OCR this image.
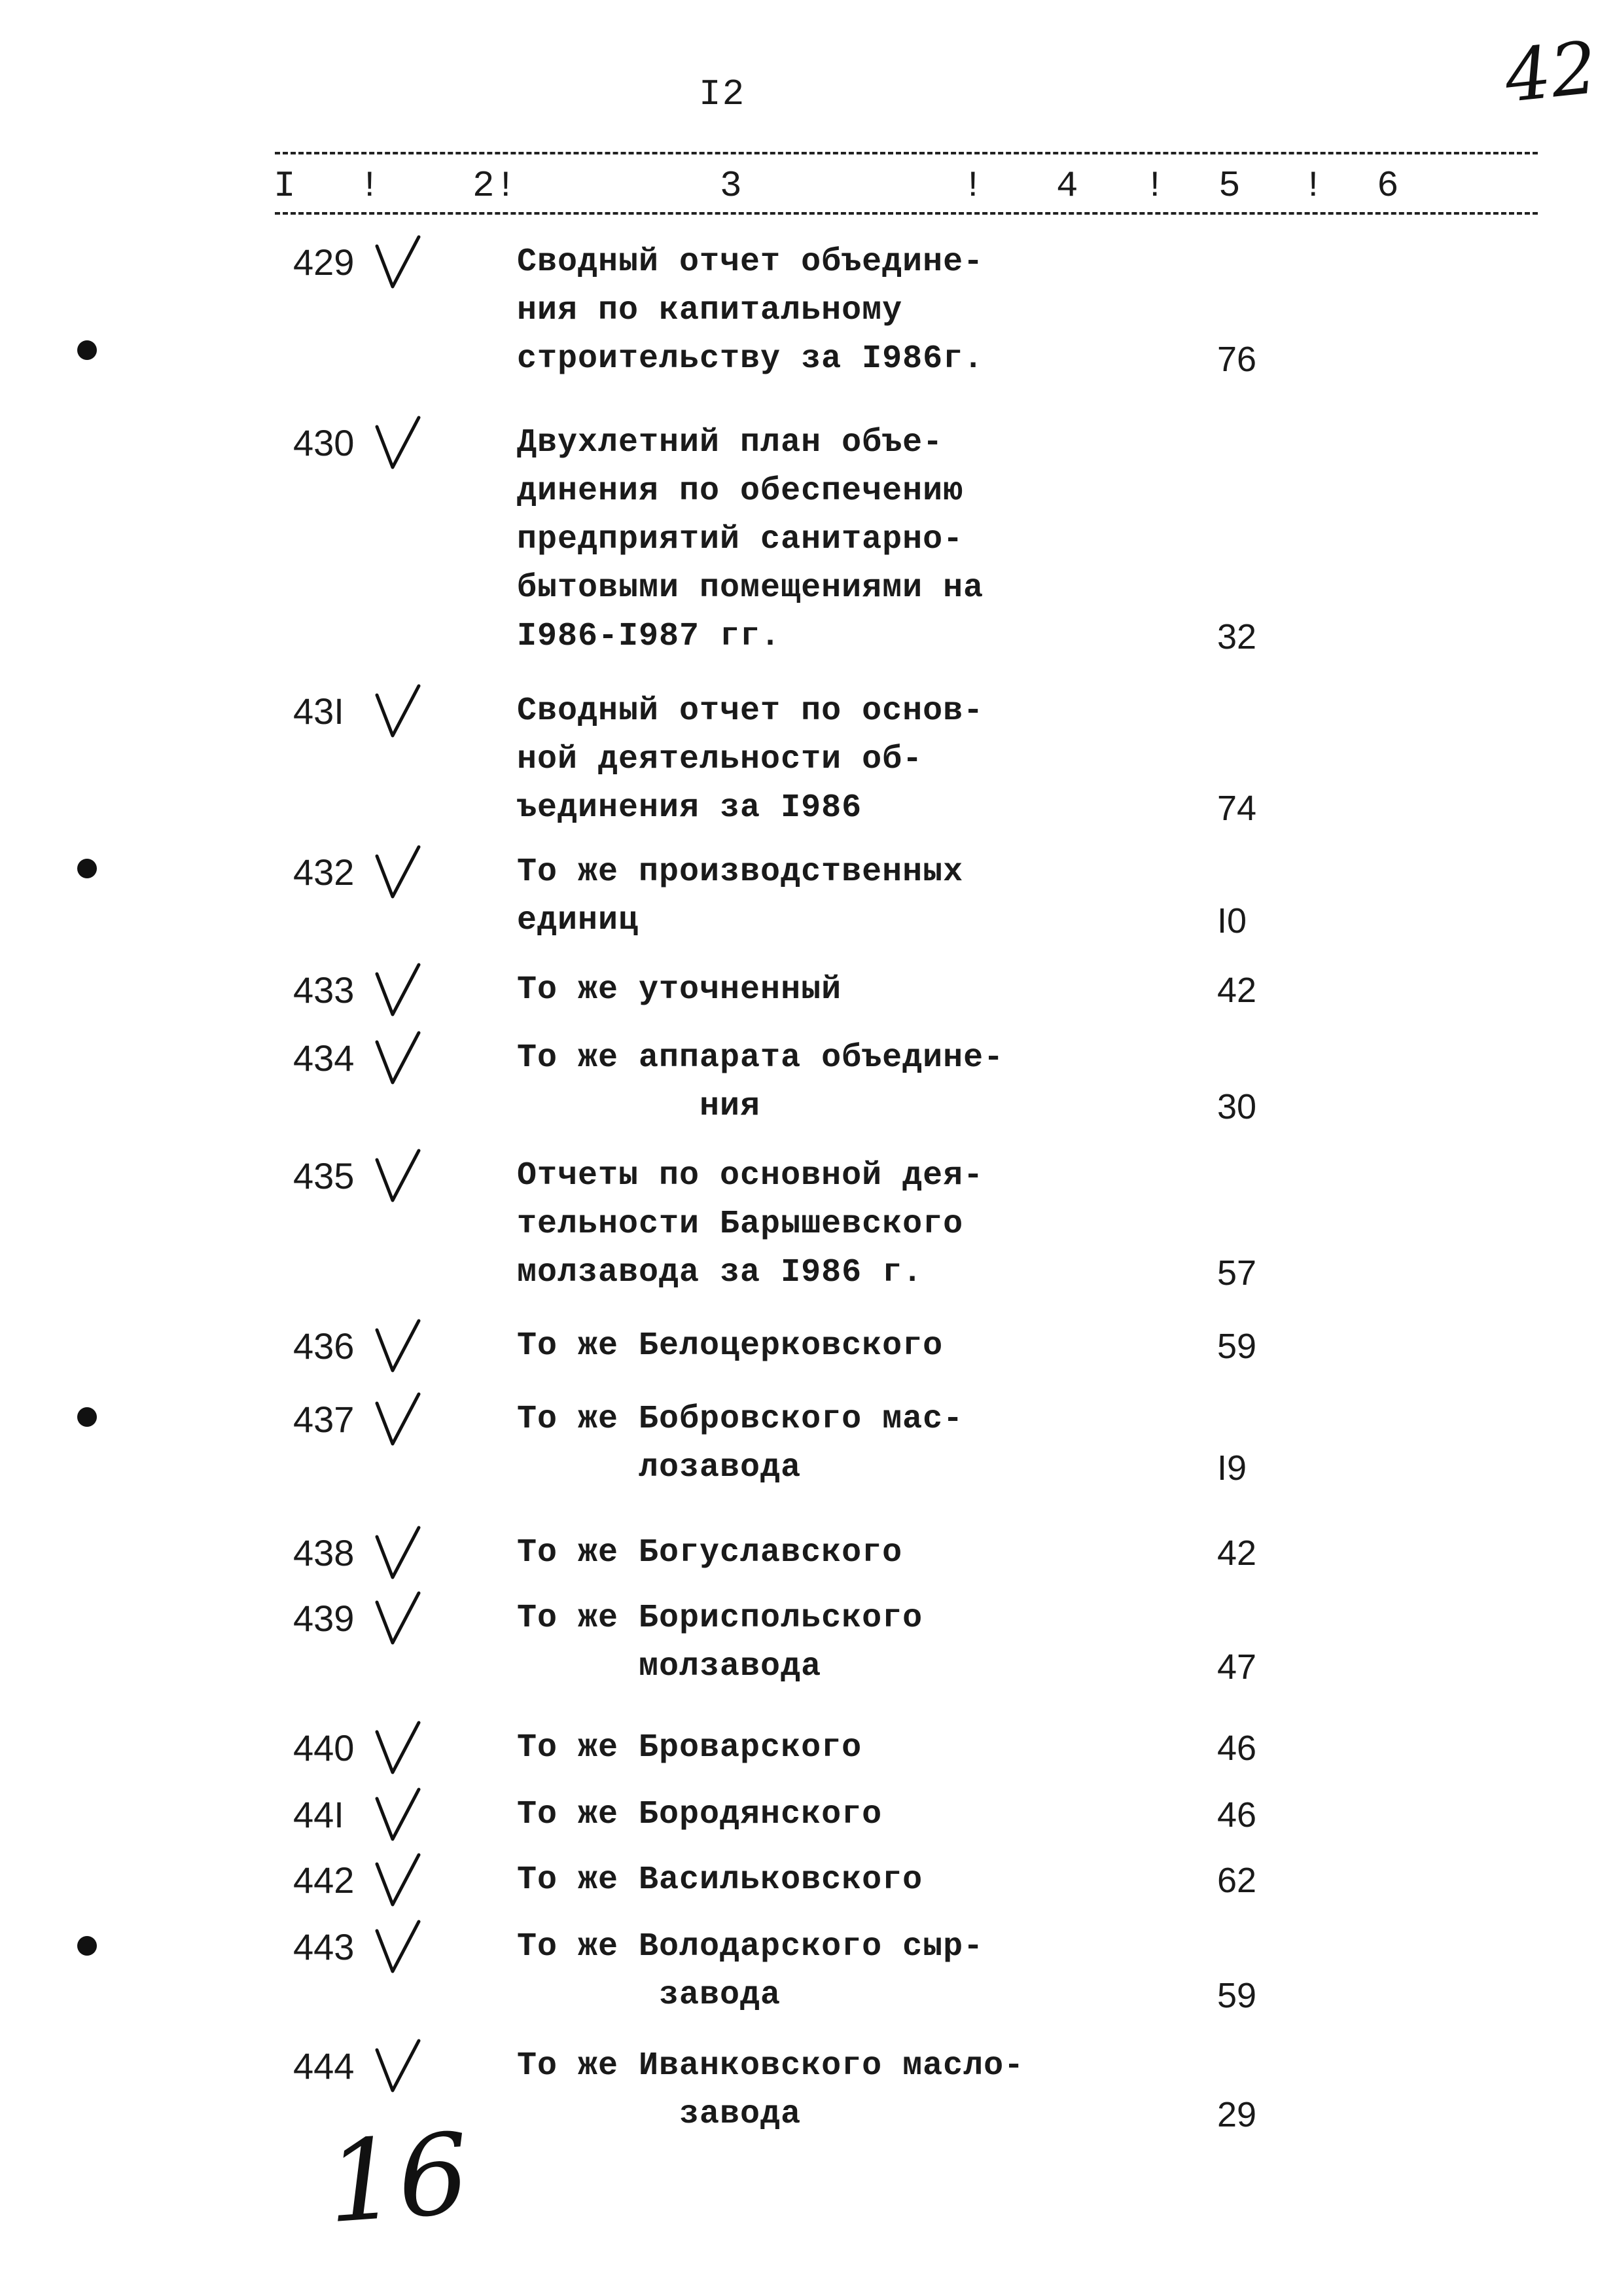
I2	42
I !	2 !	3	! 4 ! 5 ! 6
429	Сводный отчет объединe-
ния по капитальному
строительству за I986г.	76
430	Двухлетний план объе-
динения по обеспечению
предприятий санитарно-
бытовыми помещениями на
I986-I987 гг.	32
43I	Сводный отчет по основ-
ной деятельности об-
ъединения за I986	74
432	То же производственных
единиц	I0
433	То же уточненный	42
434	То же аппарата объедине-
ния	30
435	Отчеты по основной дея-
тельности Барышевского
молзавода за I986 г.	57
436	То же Белоцерковского	59
437	То же Бобровского мас-
лозавода	I9
438	То же Богуславского	42
439	То же Бориспольского
молзавода	47
440	То же Броварского	46
44I	То же Бородянского	46
442	То же Васильковского	62
443	То же Володарского сыр-
завода	59
444	То же Иванковского масло-
завода	29
16
